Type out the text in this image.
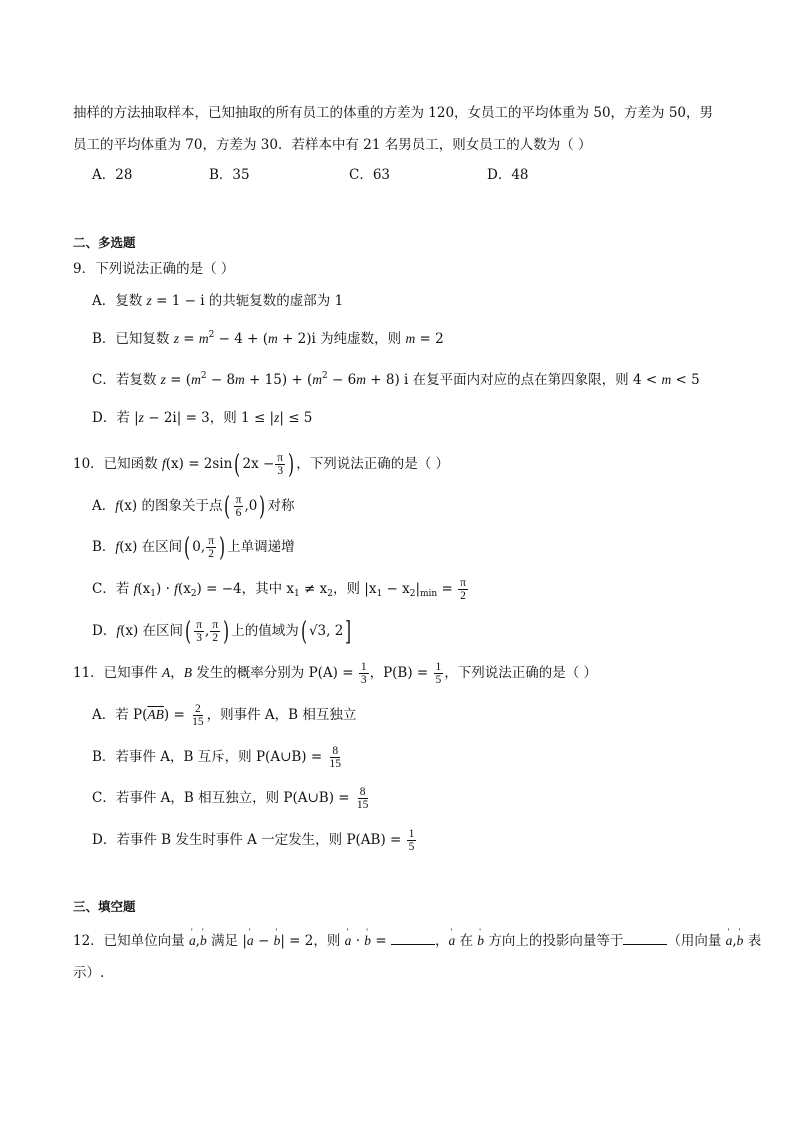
抽样的方法抽取样本，已知抽取的所有员工的体重的方差为 120，女员工的平均体重为 50，方差为 50，男
员工的平均体重为 70，方差为 30．若样本中有 21 名男员工，则女员工的人数为（ ）
A．28	B．35	C．63	D．48
二、多选题
9．下列说法正确的是（ ）
A．复数 z = 1 − i 的共轭复数的虚部为 1
B．已知复数 $z = m^2 - 4 + (m + 2)i$ 为纯虚数，则 m = 2
C．若复数 $z = (m^2 - 8m + 15) + (m^2 - 6m + 8)$ i 在复平面内对应的点在第四象限，则 4 < m < 5
D．若 |z − 2i| = 3，则 1 ≤ |z| ≤ 5
10．已知函数 f(x) = 2sin( $2x - \frac{\pi}{3}$ ) ，下列说法正确的是（ ）
A．f(x) 的图象关于点( $\frac{\pi}{6} ,0$) 对称
B．f(x) 在区间( 0, $\frac{\pi}{2}$ ) 上单调递增
C．若 $f(x_1) \cdot f(x_2) = -4$，其中 $x_1 \ne x_2$，则 $|x_1 - x_2|_{min} = \frac{\pi}{2}$
D．f(x) 在区间( $\frac{\pi}{3}$ , $\frac{\pi}{2}$ ) 上的值域为( √3, 2]
11．已知事件 A，B 发生的概率分别为 $P(A) = \frac{1}{3}$ ，$P(B) = \frac{1}{5}$ ，下列说法正确的是（ ）
A．若 $P(\overline{AB}) = \frac{2}{15}$ ，则事件 A，B 相互独立
B．若事件 A，B 互斥，则 P(A∪B) = $\frac{8}{15}$
C．若事件 A，B 相互独立，则 P(A∪B) = $\frac{8}{15}$
D．若事件 B 发生时事件 A 一定发生，则 $P(AB) = \frac{1}{5}$
三、填空题
12．已知单位向量 ' a,' b 满足 |' a − ' b| = 2，则 ' a · ' b =	，' a 在 ' b 方向上的投影向量等于	（用向量 ' a,' b 表
示）.
